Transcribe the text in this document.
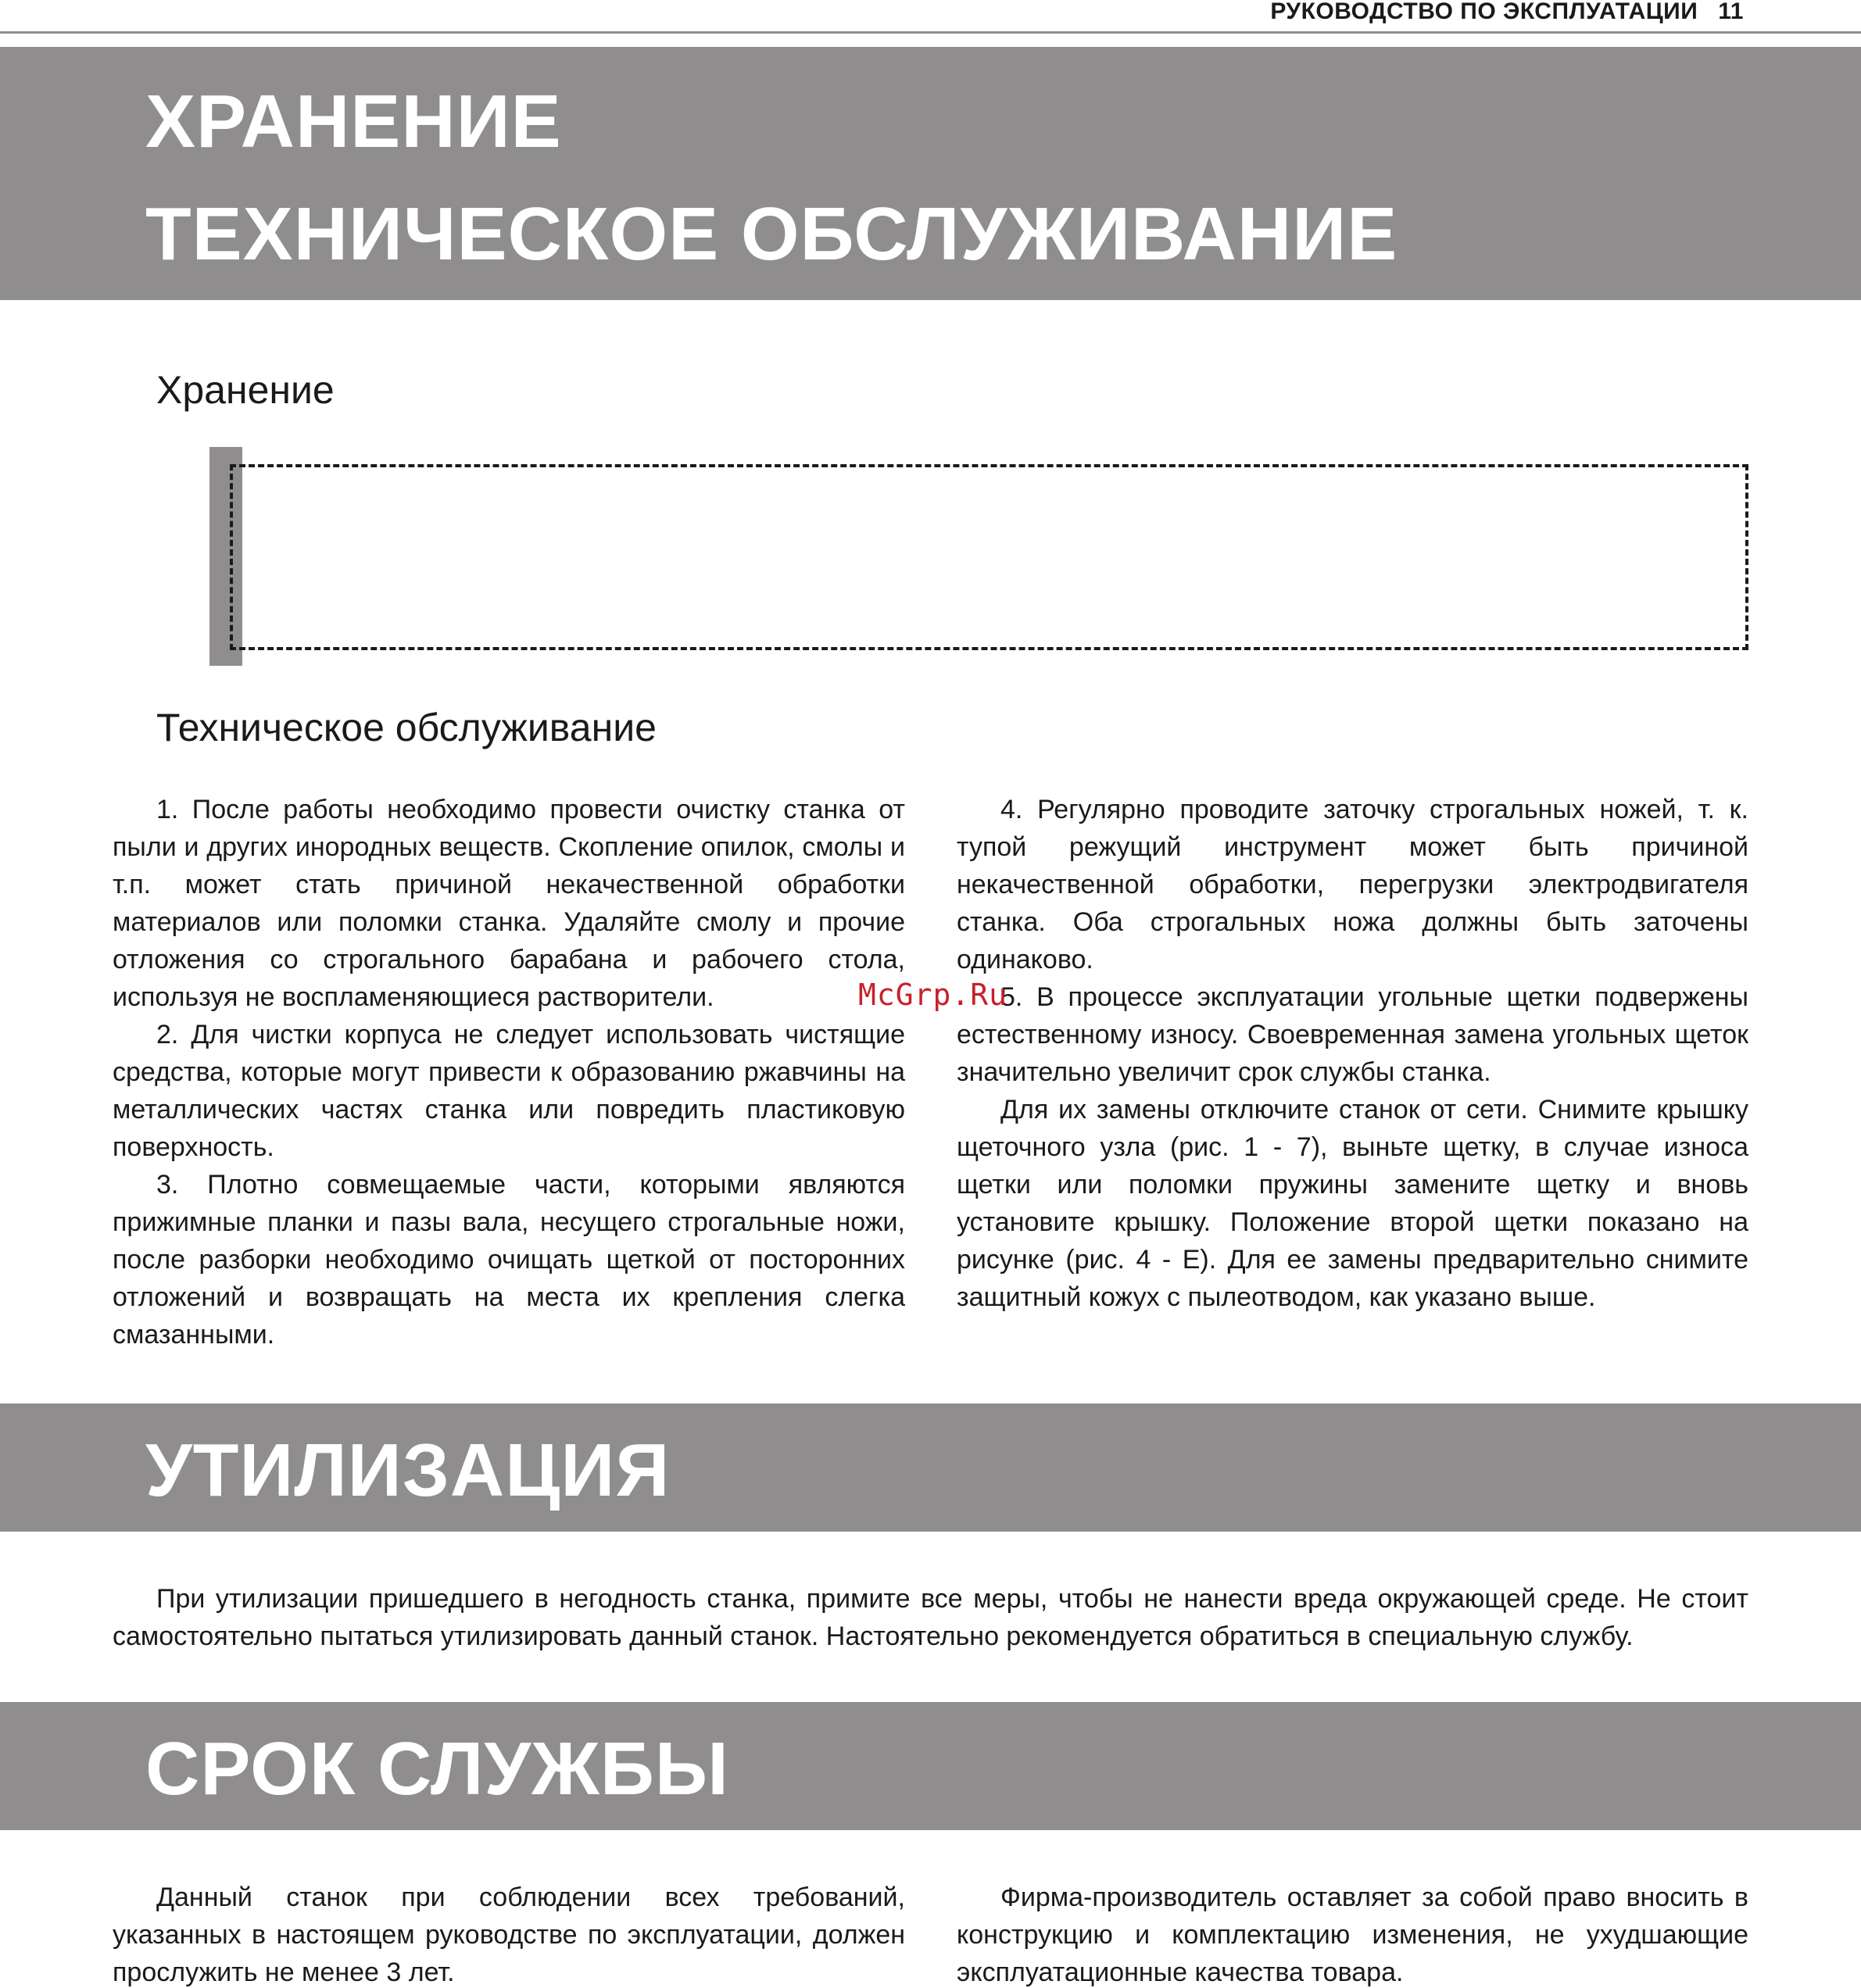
РУКОВОДСТВО ПО ЭКСПЛУАТАЦИИ 11
ХРАНЕНИЕ
ТЕХНИЧЕСКОЕ ОБСЛУЖИВАНИЕ
Хранение
Техническое обслуживание

1. После работы необходимо провести очистку станка от пыли и других инородных веществ. Скопление опилок, смолы и т.п. может стать причиной некачественной обработки материалов или поломки станка. Удаляйте смолу и прочие отложения со строгального барабана и рабочего стола, используя не воспламеняющиеся растворители.

2. Для чистки корпуса не следует использовать чистящие средства, которые могут привести к образованию ржавчины на металлических частях станка или повредить пластиковую поверхность.

3. Плотно совмещаемые части, которыми являются прижимные планки и пазы вала, несущего строгальные ножи, после разборки необходимо очищать щеткой от посторонних отложений и возвращать на места их крепления слегка смазанными.

4. Регулярно проводите заточку строгальных ножей, т. к. тупой режущий инструмент может быть причиной некачественной обработки, перегрузки электродвигателя станка. Оба строгальных ножа должны быть заточены одинаково.

5. В процессе эксплуатации угольные щетки подвержены естественному износу. Своевременная замена угольных щеток значительно увеличит срок службы станка.

Для их замены отключите станок от сети. Снимите крышку щеточного узла (рис. 1 - 7), выньте щетку, в случае износа щетки или поломки пружины замените щетку и вновь установите крышку. Положение второй щетки показано на рисунке (рис. 4 - Е). Для ее замены предварительно снимите защитный кожух с пылеотводом, как указано выше.

УТИЛИЗАЦИЯ
При утилизации пришедшего в негодность станка, примите все меры, чтобы не нанести вреда окружающей среде. Не стоит самостоятельно пытаться утилизировать данный станок. Настоятельно рекомендуется обратиться в специальную службу.
СРОК СЛУЖБЫ

Данный станок при соблюдении всех требований, указанных в настоящем руководстве по эксплуатации, должен прослужить не менее 3 лет.

Фирма-производитель оставляет за собой право вносить в конструкцию и комплектацию изменения, не ухудшающие эксплуатационные качества товара.

McGrp.Ru
